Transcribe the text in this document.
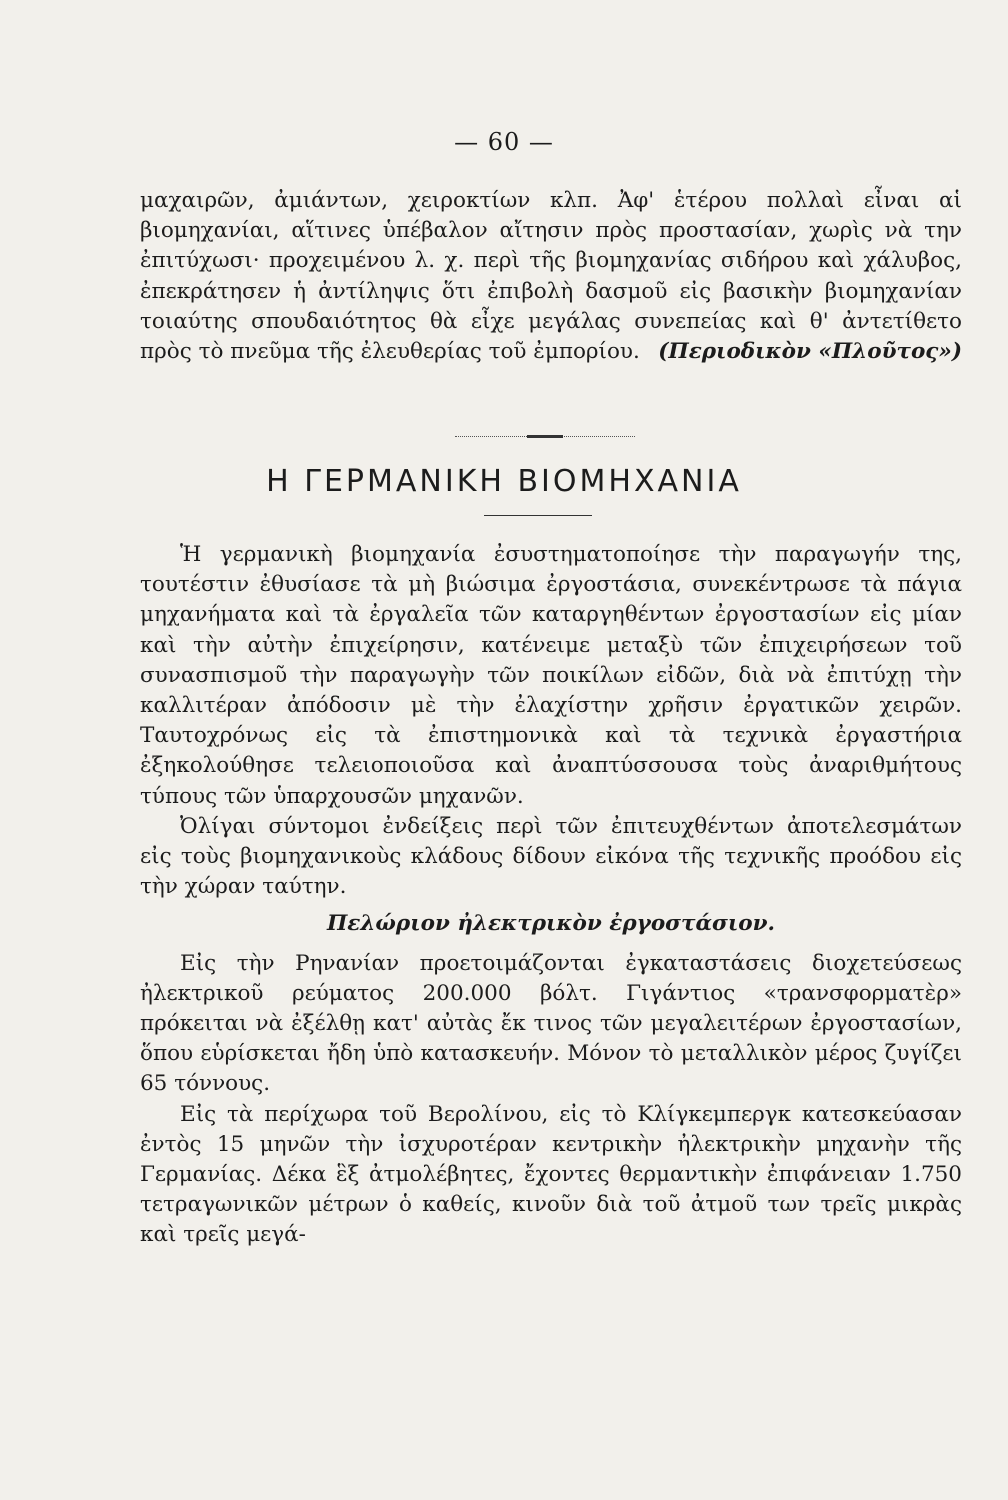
— 60 —

μαχαιρῶν, ἀμιάντων, χειροκτίων κλπ. Ἀφ' ἑτέρου πολλαὶ εἶναι αἱ βιομηχανίαι, αἵτινες ὑπέβαλον αἴτησιν πρὸς προστασίαν, χωρὶς νὰ την ἐπιτύχωσι· προχειμένου λ. χ. περὶ τῆς βιομηχανίας σιδήρου καὶ χάλυβος, ἐπεκράτησεν ἡ ἀντίληψις ὅτι ἐπιβολὴ δασμοῦ εἰς βασικὴν βιομηχανίαν τοιαύτης σπουδαιότητος θὰ εἶχε μεγάλας συνεπείας καὶ θ' ἀντετίθετο πρὸς τὸ πνεῦμα τῆς ἐλευθερίας τοῦ ἐμπορίου. (Περιοδικὸν «Πλοῦτος»)

Η ΓΕΡΜΑΝΙΚΗ ΒΙΟΜΗΧΑΝΙΑ

Ἡ γερμανικὴ βιομηχανία ἐσυστηματοποίησε τὴν παραγωγήν της, τουτέστιν ἐθυσίασε τὰ μὴ βιώσιμα ἐργοστάσια, συνεκέντρωσε τὰ πάγια μηχανήματα καὶ τὰ ἐργαλεῖα τῶν καταργηθέντων ἐργοστασίων εἰς μίαν καὶ τὴν αὐτὴν ἐπιχείρησιν, κατένειμε μεταξὺ τῶν ἐπιχειρήσεων τοῦ συνασπισμοῦ τὴν παραγωγὴν τῶν ποικίλων εἰδῶν, διὰ νὰ ἐπιτύχῃ τὴν καλλιτέραν ἀπόδοσιν μὲ τὴν ἐλαχίστην χρῆσιν ἐργατικῶν χειρῶν. Ταυτοχρόνως εἰς τὰ ἐπιστημονικὰ καὶ τὰ τεχνικὰ ἐργαστήρια ἐξηκολούθησε τελειοποιοῦσα καὶ ἀναπτύσσουσα τοὺς ἀναριθμήτους τύπους τῶν ὑπαρχουσῶν μηχανῶν.

Ὀλίγαι σύντομοι ἐνδείξεις περὶ τῶν ἐπιτευχθέντων ἀποτελεσμάτων εἰς τοὺς βιομηχανικοὺς κλάδους δίδουν εἰκόνα τῆς τεχνικῆς προόδου εἰς τὴν χώραν ταύτην.

Πελώριον ἠλεκτρικὸν ἐργοστάσιον.

Εἰς τὴν Ρηνανίαν προετοιμάζονται ἐγκαταστάσεις διοχετεύσεως ἠλεκτρικοῦ ρεύματος 200.000 βόλτ. Γιγάντιος «τρανσφορματὲρ» πρόκειται νὰ ἐξέλθῃ κατ' αὐτὰς ἔκ τινος τῶν μεγαλειτέρων ἐργοστασίων, ὅπου εὑρίσκεται ἤδη ὑπὸ κατασκευήν. Μόνον τὸ μεταλλικὸν μέρος ζυγίζει 65 τόννους.

Εἰς τὰ περίχωρα τοῦ Βερολίνου, εἰς τὸ Κλίγκεμπεργκ κατεσκεύασαν ἐντὸς 15 μηνῶν τὴν ἰσχυροτέραν κεντρικὴν ἠλεκτρικὴν μηχανὴν τῆς Γερμανίας. Δέκα ἓξ ἀτμολέβητες, ἔχοντες θερμαντικὴν ἐπιφάνειαν 1.750 τετραγωνικῶν μέτρων ὁ καθείς, κινοῦν διὰ τοῦ ἀτμοῦ των τρεῖς μικρὰς καὶ τρεῖς μεγά-
